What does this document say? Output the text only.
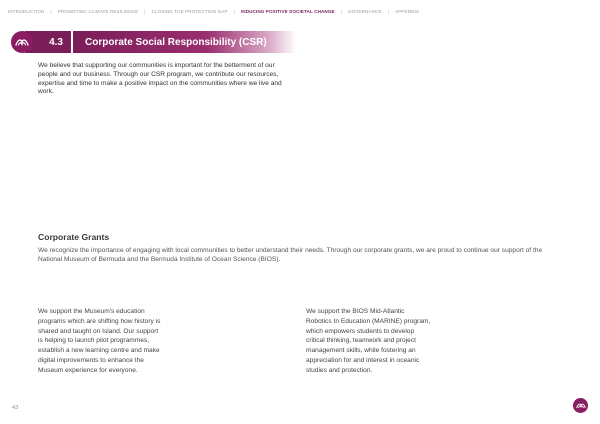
INTRODUCTION | PROMOTING CLIMATE RESILIENCE | CLOSING THE PROTECTION GAP | INDUCING POSITIVE SOCIETAL CHANGE | GOVERNANCE | APPENDIX
4.3	Corporate Social Responsibility (CSR)

We believe that supporting our communities is important for the betterment of our people and our business. Through our CSR program, we contribute our resources, expertise and time to make a positive impact on the communities where we live and work.

Corporate Grants

We recognize the importance of engaging with local communities to better understand their needs. Through our corporate grants, we are proud to continue our support of the National Museum of Bermuda and the Bermuda Institute of Ocean Science (BIOS).

We support the Museum's education programs which are shifting how history is shared and taught on Island. Our support is helping to launch pilot programmes, establish a new learning centre and make digital improvements to enhance the Museum experience for everyone.

We support the BIOS Mid-Atlantic Robotics In Education (MARINE) program, which empowers students to develop critical thinking, teamwork and project management skills, while fostering an appreciation for and interest in oceanic studies and protection.

43
